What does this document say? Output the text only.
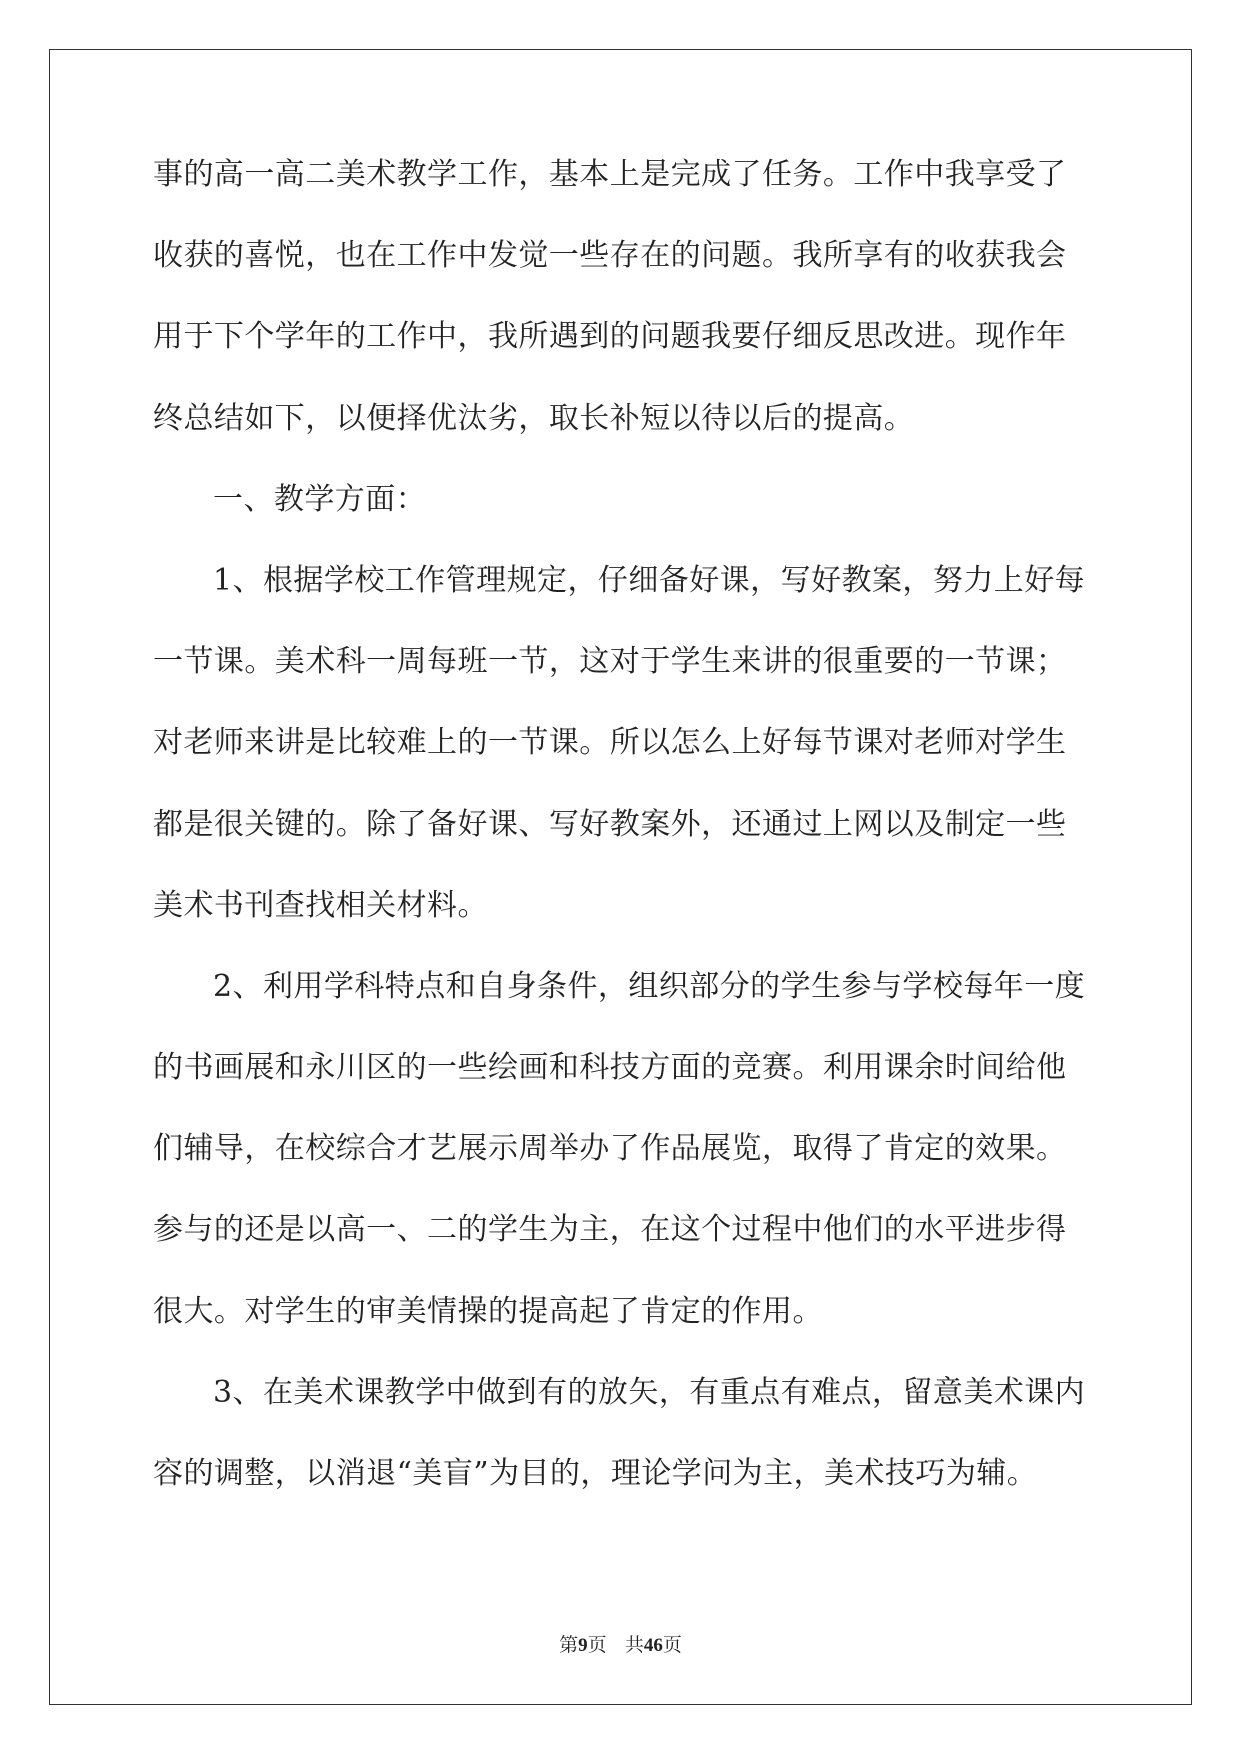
事的高一高二美术教学工作，基本上是完成了任务。工作中我享受了
收获的喜悦，也在工作中发觉一些存在的问题。我所享有的收获我会
用于下个学年的工作中，我所遇到的问题我要仔细反思改进。现作年
终总结如下，以便择优汰劣，取长补短以待以后的提高。
一、教学方面：
1、根据学校工作管理规定，仔细备好课，写好教案，努力上好每
一节课。美术科一周每班一节，这对于学生来讲的很重要的一节课；
对老师来讲是比较难上的一节课。所以怎么上好每节课对老师对学生
都是很关键的。除了备好课、写好教案外，还通过上网以及制定一些
美术书刊查找相关材料。
2、利用学科特点和自身条件，组织部分的学生参与学校每年一度
的书画展和永川区的一些绘画和科技方面的竞赛。利用课余时间给他
们辅导，在校综合才艺展示周举办了作品展览，取得了肯定的效果。
参与的还是以高一、二的学生为主，在这个过程中他们的水平进步得
很大。对学生的审美情操的提高起了肯定的作用。
3、在美术课教学中做到有的放矢，有重点有难点，留意美术课内
容的调整，以消退“美盲”为目的，理论学问为主，美术技巧为辅。
第9页 共46页
